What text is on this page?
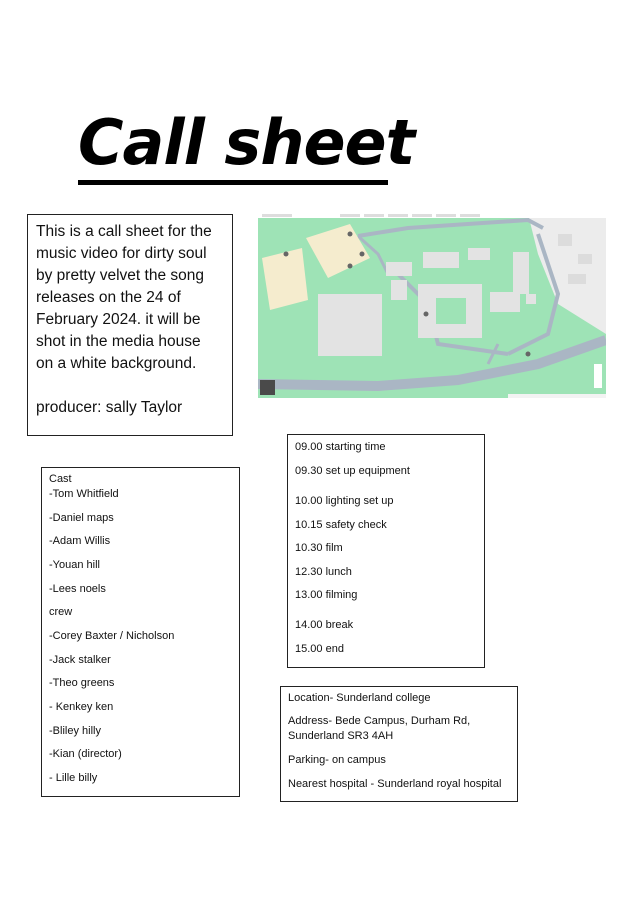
Call sheet

This is a call sheet for the

music video for dirty soul

by pretty velvet the song

releases on the 24 of

February 2024. it will be

shot in the media house

on a white background.

producer: sally Taylor

09.00 starting time
09.30 set up equipment
10.00 lighting set up
10.15 safety check
10.30 film
12.30 lunch
13.00 filming
14.00 break
15.00 end
Cast
-Tom Whitfield
-Daniel maps
-Adam Willis
-Youan hill
-Lees noels
crew
-Corey Baxter / Nicholson
-Jack stalker
-Theo greens
- Kenkey ken
-Bliley hilly
-Kian (director)
- Lille billy
Location- Sunderland college
Address- Bede Campus, Durham Rd,
Sunderland SR3 4AH
Parking- on campus
Nearest hospital - Sunderland royal hospital
